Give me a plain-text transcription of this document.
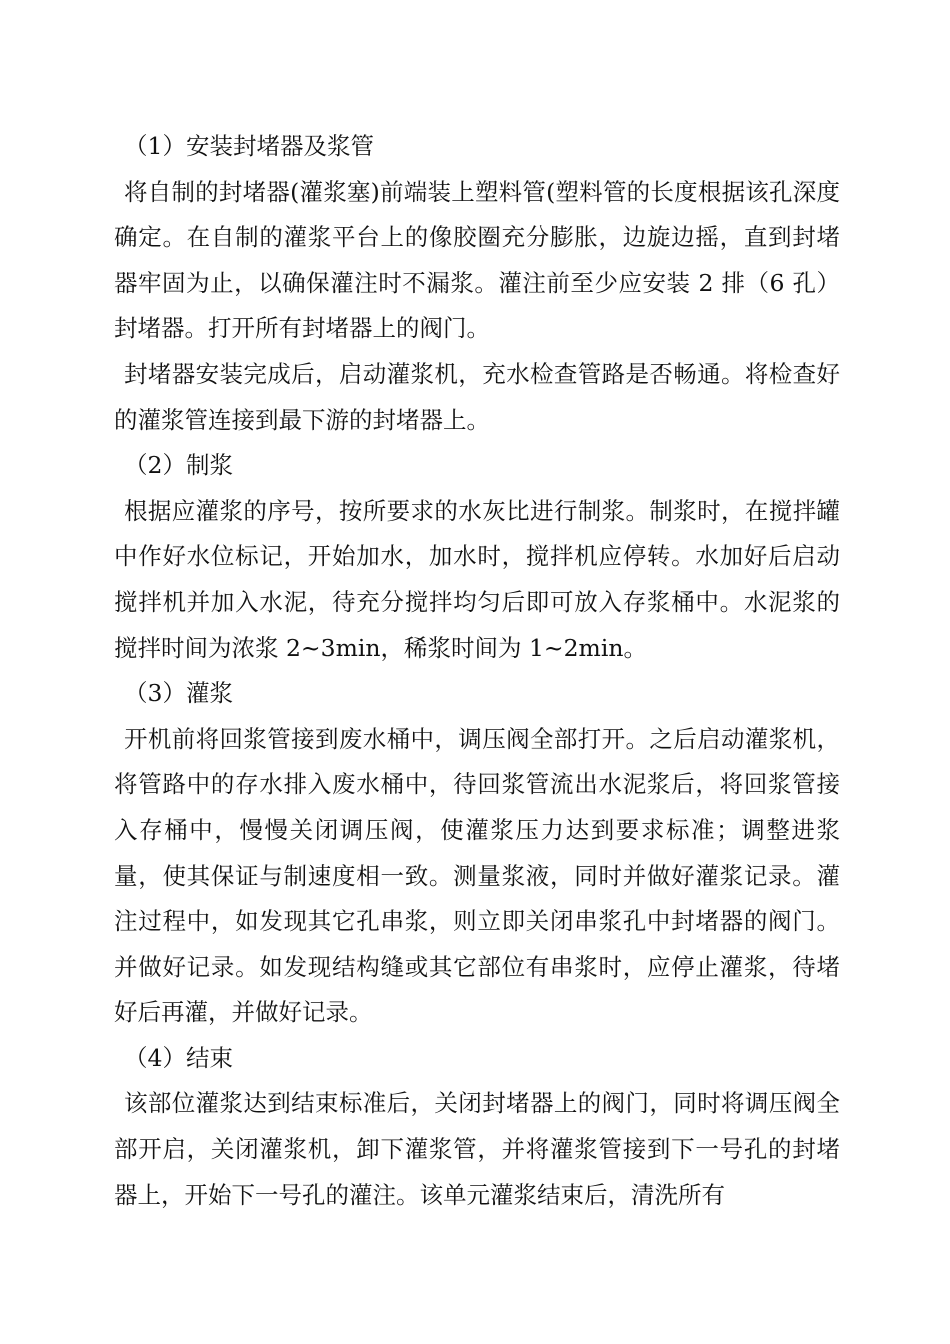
（1）安装封堵器及浆管

将自制的封堵器(灌浆塞)前端装上塑料管(塑料管的长度根据该孔深度确定。在自制的灌浆平台上的像胶圈充分膨胀，边旋边摇，直到封堵器牢固为止，以确保灌注时不漏浆。灌注前至少应安装 2 排（6 孔）封堵器。打开所有封堵器上的阀门。

封堵器安装完成后，启动灌浆机，充水检查管路是否畅通。将检查好的灌浆管连接到最下游的封堵器上。

（2）制浆

根据应灌浆的序号，按所要求的水灰比进行制浆。制浆时，在搅拌罐中作好水位标记，开始加水，加水时，搅拌机应停转。水加好后启动搅拌机并加入水泥，待充分搅拌均匀后即可放入存浆桶中。水泥浆的搅拌时间为浓浆 2~3min，稀浆时间为 1~2min。

（3）灌浆

开机前将回浆管接到废水桶中，调压阀全部打开。之后启动灌浆机，将管路中的存水排入废水桶中，待回浆管流出水泥浆后，将回浆管接入存桶中，慢慢关闭调压阀，使灌浆压力达到要求标准；调整进浆量，使其保证与制速度相一致。测量浆液，同时并做好灌浆记录。灌注过程中，如发现其它孔串浆，则立即关闭串浆孔中封堵器的阀门。并做好记录。如发现结构缝或其它部位有串浆时，应停止灌浆，待堵好后再灌，并做好记录。

（4）结束

该部位灌浆达到结束标准后，关闭封堵器上的阀门，同时将调压阀全部开启，关闭灌浆机，卸下灌浆管，并将灌浆管接到下一号孔的封堵器上，开始下一号孔的灌注。该单元灌浆结束后，清洗所有
